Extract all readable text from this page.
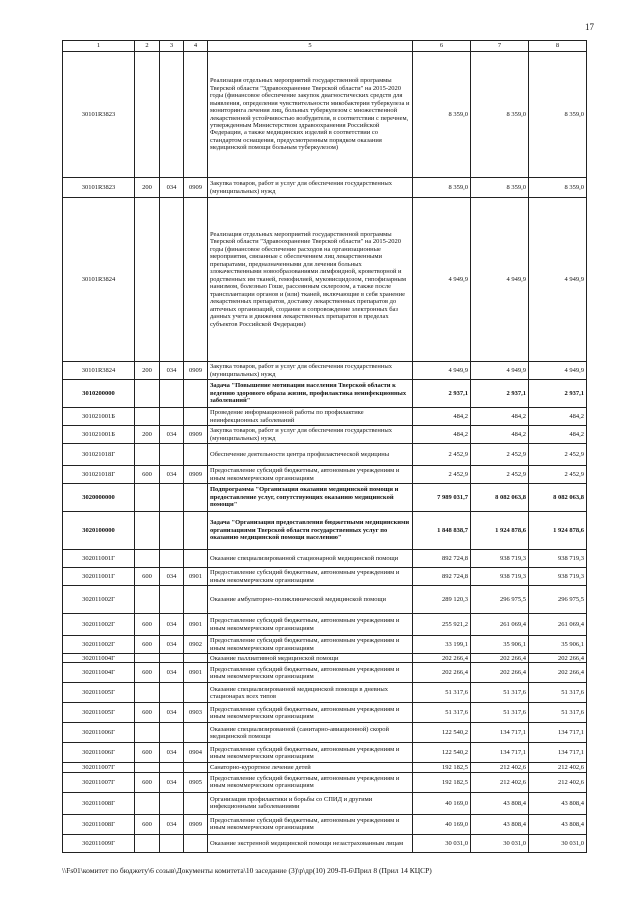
17
1	2	3	4	5	6	7	8
30101R3823				Реализация отдельных мероприятий государственной программы Тверской области "Здравоохранение Тверской области" на 2015-2020 годы (финансовое обеспечение закупок диагностических средств для выявления, определения чувствительности микобактерии туберкулеза и мониторинга лечения лиц, больных туберкулезом с множественной лекарственной устойчивостью возбудителя, в соответствии с перечнем, утвержденным Министерством здравоохранения Российской Федерации, а также медицинских изделий в соответствии со стандартом оснащения, предусмотренным порядком оказания медицинской помощи больным туберкулезом)	8 359,0	8 359,0	8 359,0
30101R3823	200	034	0909	Закупка товаров, работ и услуг для обеспечения государственных (муниципальных) нужд	8 359,0	8 359,0	8 359,0
30101R3824				Реализация отдельных мероприятий государственной программы Тверской области "Здравоохранение Тверской области" на 2015-2020 годы (финансовое обеспечение расходов на организационные мероприятия, связанные с обеспечением лиц лекарственными препаратами, предназначенными для лечения больных злокачественными новообразованиями лимфоидной, кроветворной и родственных им тканей, гемофилией, муковисцидозом, гипофизарным нанизмом, болезнью Гоше, рассеянным склерозом, а также после трансплантации органов и (или) тканей, включающие в себя хранение лекарственных препаратов, доставку лекарственных препаратов до аптечных организаций, создание и сопровождение электронных баз данных учета и движения лекарственных препаратов в пределах субъектов Российской Федерации)	4 949,9	4 949,9	4 949,9
30101R3824	200	034	0909	Закупка товаров, работ и услуг для обеспечения государственных (муниципальных) нужд	4 949,9	4 949,9	4 949,9
3010200000				Задача "Повышение мотивации населения Тверской области к ведению здорового образа жизни, профилактика неинфекционных заболеваний"	2 937,1	2 937,1	2 937,1
301021001Б				Проведение информационной работы по профилактике неинфекционных заболеваний	484,2	484,2	484,2
301021001Б	200	034	0909	Закупка товаров, работ и услуг для обеспечения государственных (муниципальных) нужд	484,2	484,2	484,2
301021018Г				Обеспечение деятельности центра профилактической медицины	2 452,9	2 452,9	2 452,9
301021018Г	600	034	0909	Предоставление субсидий бюджетным, автономным учреждениям и иным некоммерческим организациям	2 452,9	2 452,9	2 452,9
3020000000				Подпрограмма "Организация оказания медицинской помощи и предоставление услуг, сопутствующих оказанию медицинской помощи"	7 989 031,7	8 082 063,8	8 082 063,8
3020100000				Задача "Организация предоставления бюджетными медицинскими организациями Тверской области государственных услуг по оказанию медицинской помощи населению"	1 848 838,7	1 924 878,6	1 924 878,6
302011001Г				Оказание специализированной стационарной медицинской помощи	892 724,8	938 719,3	938 719,3
302011001Г	600	034	0901	Предоставление субсидий бюджетным, автономным учреждениям и иным некоммерческим организациям	892 724,8	938 719,3	938 719,3
302011002Г				Оказание амбулаторно-поликлинической медицинской помощи	289 120,3	296 975,5	296 975,5
302011002Г	600	034	0901	Предоставление субсидий бюджетным, автономным учреждениям и иным некоммерческим организациям	255 921,2	261 069,4	261 069,4
302011002Г	600	034	0902	Предоставление субсидий бюджетным, автономным учреждениям и иным некоммерческим организациям	33 199,1	35 906,1	35 906,1
302011004Г				Оказание паллиативной медицинской помощи	202 266,4	202 266,4	202 266,4
302011004Г	600	034	0901	Предоставление субсидий бюджетным, автономным учреждениям и иным некоммерческим организациям	202 266,4	202 266,4	202 266,4
302011005Г				Оказание специализированной медицинской помощи в дневных стационарах всех типов	51 317,6	51 317,6	51 317,6
302011005Г	600	034	0903	Предоставление субсидий бюджетным, автономным учреждениям и иным некоммерческим организациям	51 317,6	51 317,6	51 317,6
302011006Г				Оказание специализированной (санитарно-авиационной) скорой медицинской помощи	122 540,2	134 717,1	134 717,1
302011006Г	600	034	0904	Предоставление субсидий бюджетным, автономным учреждениям и иным некоммерческим организациям	122 540,2	134 717,1	134 717,1
302011007Г				Санаторно-курортное лечение детей	192 182,5	212 402,6	212 402,6
302011007Г	600	034	0905	Предоставление субсидий бюджетным, автономным учреждениям и иным некоммерческим организациям	192 182,5	212 402,6	212 402,6
302011008Г				Организация профилактики и борьбы со СПИД и другими инфекционными заболеваниями	40 169,0	43 808,4	43 808,4
302011008Г	600	034	0909	Предоставление субсидий бюджетным, автономным учреждениям и иным некоммерческим организациям	40 169,0	43 808,4	43 808,4
302011009Г				Оказание экстренной медицинской помощи незастрахованным лицам	30 031,0	30 031,0	30 031,0
\\Fs01\комитет по бюджету\6 созыв\Документы комитета\10 заседание (3)\р\др(10) 209-П-6\Прил 8 (Прил 14 КЦСР)
